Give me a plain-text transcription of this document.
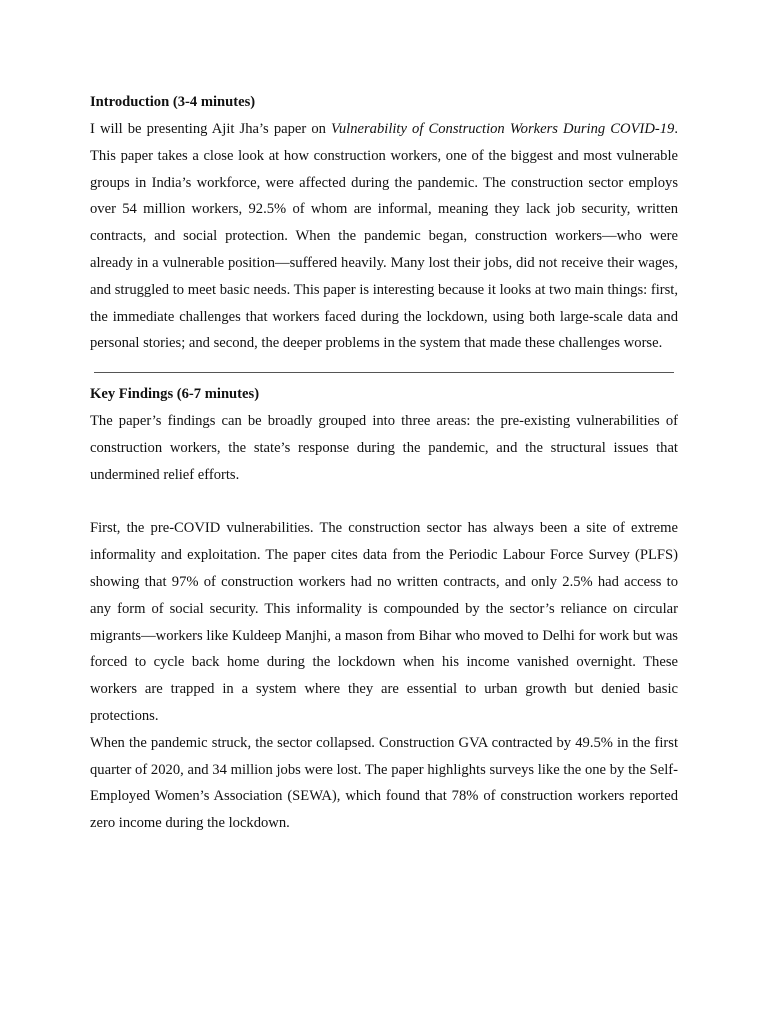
Introduction (3-4 minutes)

I will be presenting Ajit Jha’s paper on Vulnerability of Construction Workers During COVID-19. This paper takes a close look at how construction workers, one of the biggest and most vulnerable groups in India’s workforce, were affected during the pandemic. The construction sector employs over 54 million workers, 92.5% of whom are informal, meaning they lack job security, written contracts, and social protection. When the pandemic began, construction workers—who were already in a vulnerable position—suffered heavily. Many lost their jobs, did not receive their wages, and struggled to meet basic needs. This paper is interesting because it looks at two main things: first, the immediate challenges that workers faced during the lockdown, using both large-scale data and personal stories; and second, the deeper problems in the system that made these challenges worse.

Key Findings (6-7 minutes)

The paper’s findings can be broadly grouped into three areas: the pre-existing vulnerabilities of construction workers, the state’s response during the pandemic, and the structural issues that undermined relief efforts.

First, the pre-COVID vulnerabilities. The construction sector has always been a site of extreme informality and exploitation. The paper cites data from the Periodic Labour Force Survey (PLFS) showing that 97% of construction workers had no written contracts, and only 2.5% had access to any form of social security. This informality is compounded by the sector’s reliance on circular migrants—workers like Kuldeep Manjhi, a mason from Bihar who moved to Delhi for work but was forced to cycle back home during the lockdown when his income vanished overnight. These workers are trapped in a system where they are essential to urban growth but denied basic protections.

When the pandemic struck, the sector collapsed. Construction GVA contracted by 49.5% in the first quarter of 2020, and 34 million jobs were lost. The paper highlights surveys like the one by the Self-Employed Women’s Association (SEWA), which found that 78% of construction workers reported zero income during the lockdown.
